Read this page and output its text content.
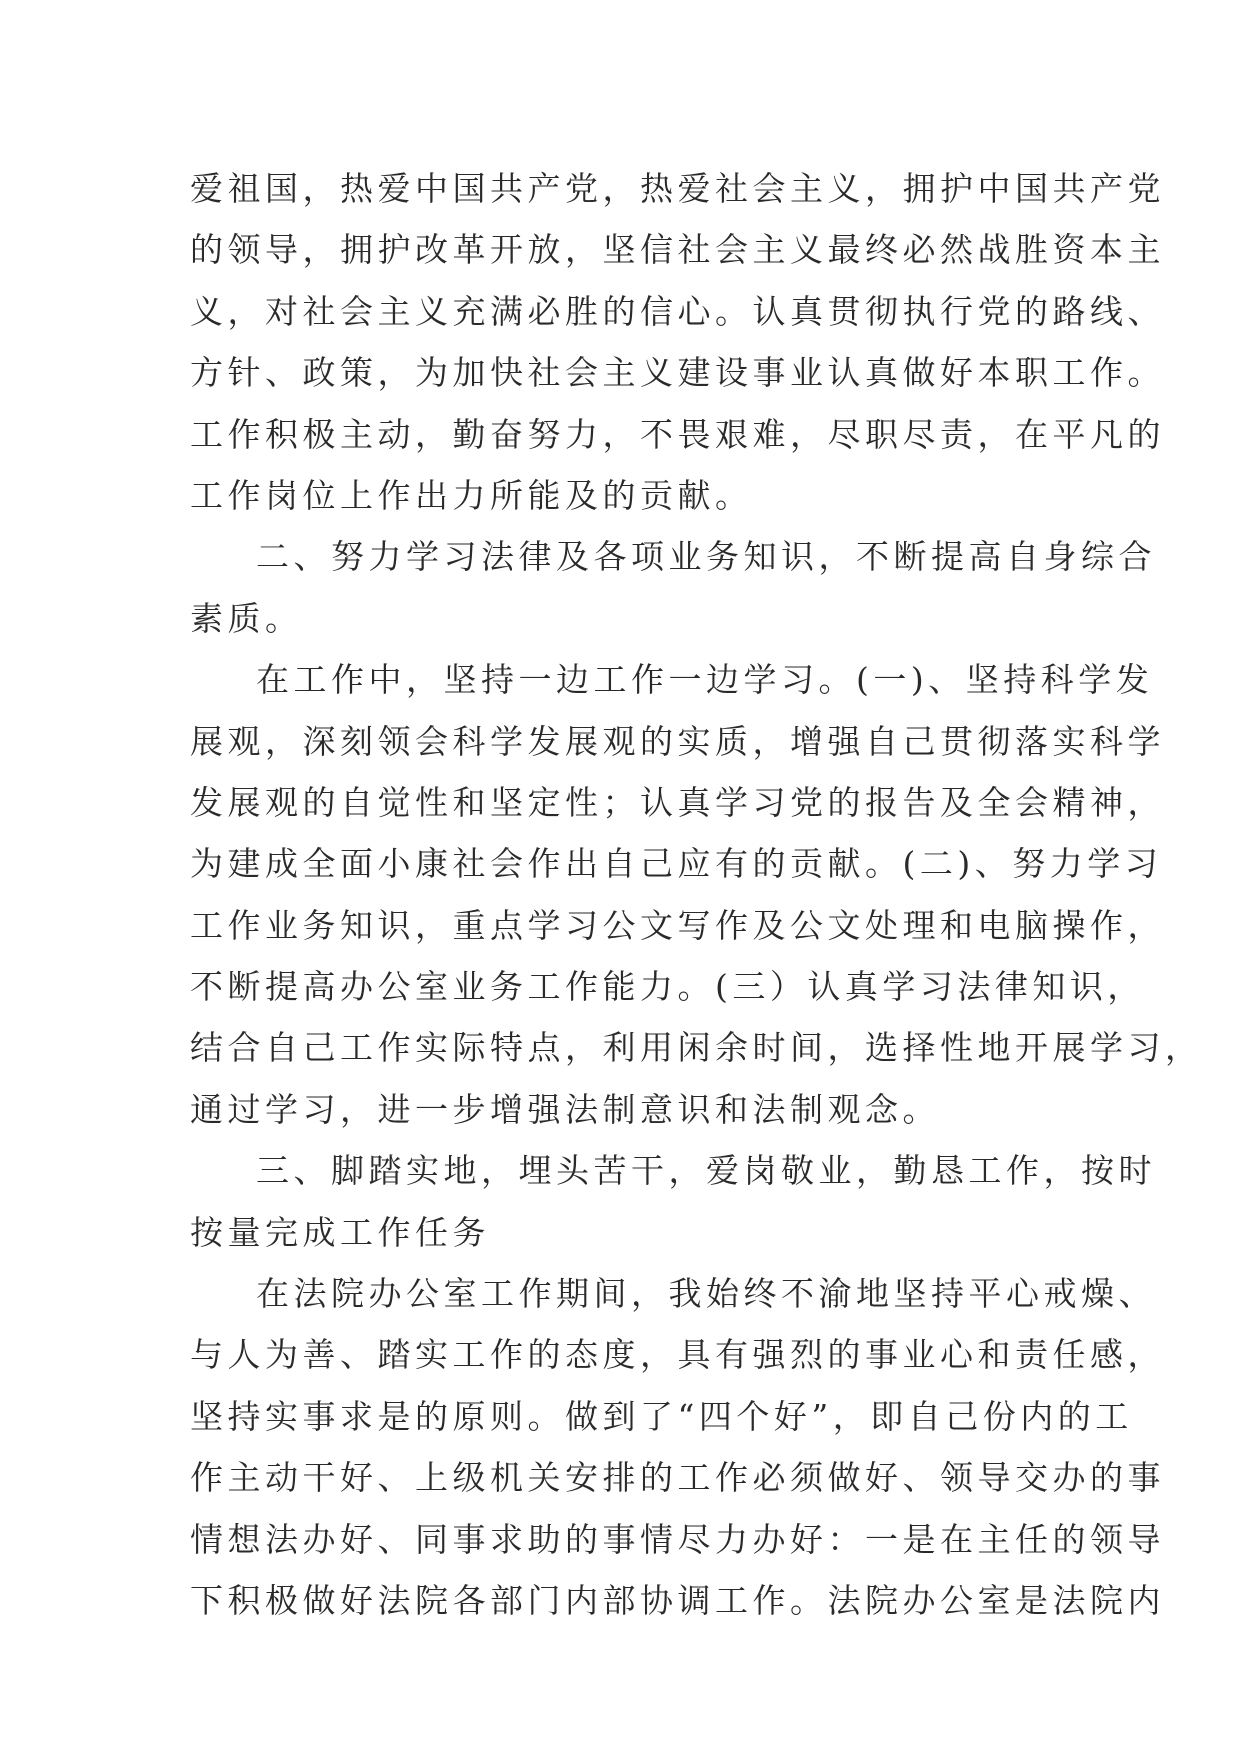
爱祖国，热爱中国共产党，热爱社会主义，拥护中国共产党
的领导，拥护改革开放，坚信社会主义最终必然战胜资本主
义，对社会主义充满必胜的信心。认真贯彻执行党的路线、
方针、政策，为加快社会主义建设事业认真做好本职工作。
工作积极主动，勤奋努力，不畏艰难，尽职尽责，在平凡的
工作岗位上作出力所能及的贡献。
二、努力学习法律及各项业务知识，不断提高自身综合
素质。
在工作中，坚持一边工作一边学习。(一)、坚持科学发
展观，深刻领会科学发展观的实质，增强自己贯彻落实科学
发展观的自觉性和坚定性；认真学习党的报告及全会精神，
为建成全面小康社会作出自己应有的贡献。(二)、努力学习
工作业务知识，重点学习公文写作及公文处理和电脑操作，
不断提高办公室业务工作能力。(三）认真学习法律知识，
结合自己工作实际特点，利用闲余时间，选择性地开展学习，
通过学习，进一步增强法制意识和法制观念。
三、脚踏实地，埋头苦干，爱岗敬业，勤恳工作，按时
按量完成工作任务
在法院办公室工作期间，我始终不渝地坚持平心戒燥、
与人为善、踏实工作的态度，具有强烈的事业心和责任感，
坚持实事求是的原则。做到了“四个好”，即自己份内的工
作主动干好、上级机关安排的工作必须做好、领导交办的事
情想法办好、同事求助的事情尽力办好：一是在主任的领导
下积极做好法院各部门内部协调工作。法院办公室是法院内
